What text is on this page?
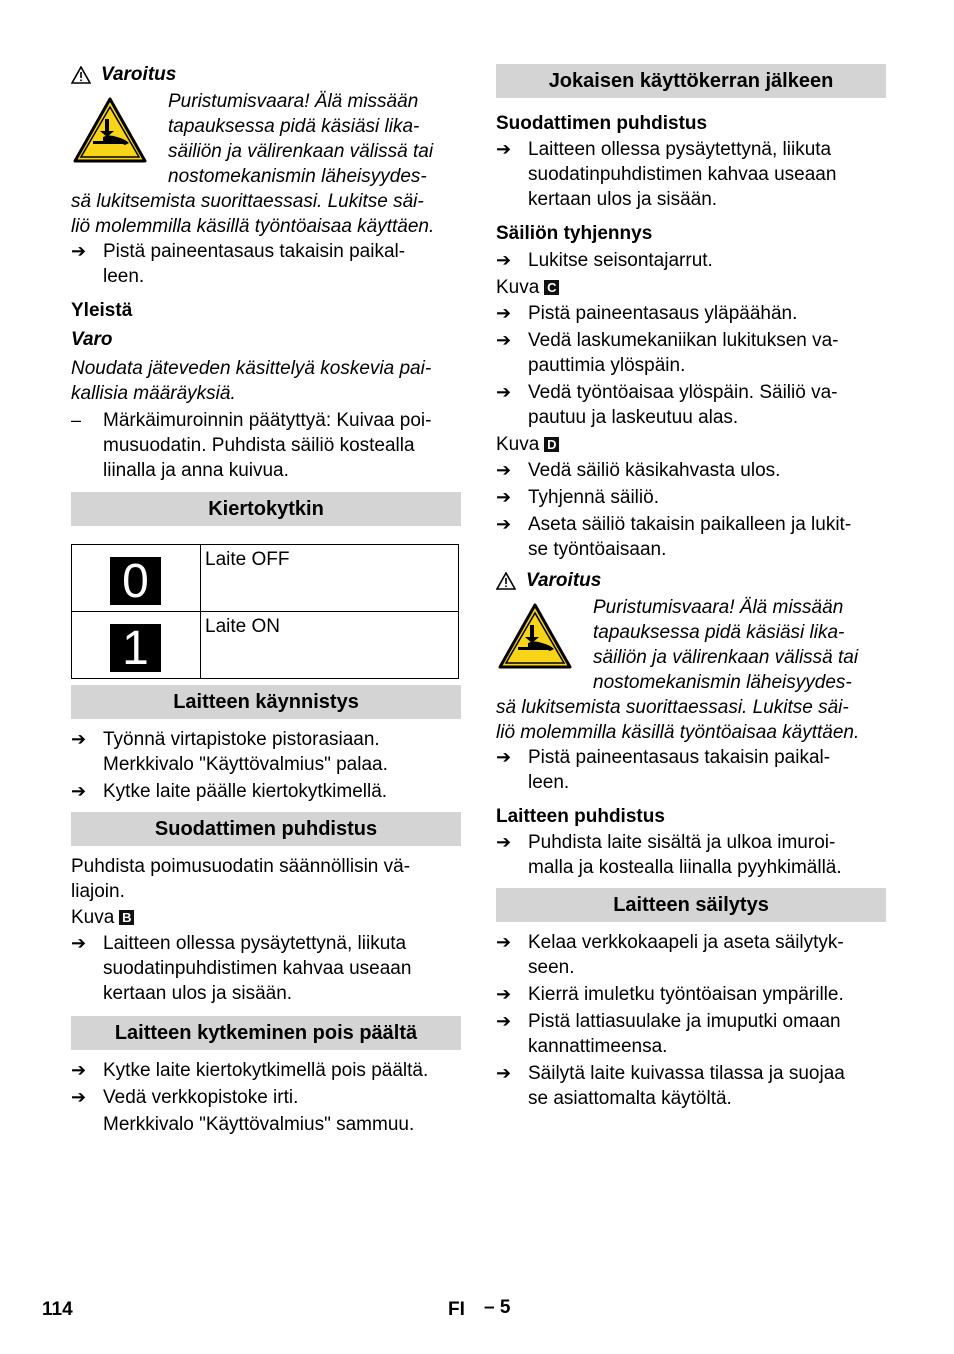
Varoitus
Puristumisvaara! Älä missään
tapauksessa pidä käsiäsi lika-
säiliön ja välirenkaan välissä tai
nostomekanismin läheisyydes-
sä lukitsemista suorittaessasi. Lukitse säi-
liö molemmilla käsillä työntöaisaa käyttäen.
➔ Pistä paineentasaus takaisin paikal-
leen.
Yleistä
Varo
Noudata jäteveden käsittelyä koskevia pai-
kallisia määräyksiä.
–	Märkäimuroinnin päätyttyä: Kuivaa poi-
musuodatin. Puhdista säiliö kostealla
liinalla ja anna kuivua.
Kiertokytkin
0	Laite OFF

1	Laite ON
Laitteen käynnistys
➔ Työnnä virtapistoke pistorasiaan.
Merkkivalo "Käyttövalmius" palaa.
➔ Kytke laite päälle kiertokytkimellä.
Suodattimen puhdistus
Puhdista poimusuodatin säännöllisin vä-
liajoin.
Kuva B
➔ Laitteen ollessa pysäytettynä, liikuta
suodatinpuhdistimen kahvaa useaan
kertaan ulos ja sisään.
Laitteen kytkeminen pois päältä
➔ Kytke laite kiertokytkimellä pois päältä.
➔ Vedä verkkopistoke irti.
Merkkivalo "Käyttövalmius" sammuu.
Jokaisen käyttökerran jälkeen
Suodattimen puhdistus
➔ Laitteen ollessa pysäytettynä, liikuta
suodatinpuhdistimen kahvaa useaan
kertaan ulos ja sisään.
Säiliön tyhjennys
➔ Lukitse seisontajarrut.
Kuva C
➔ Pistä paineentasaus yläpäähän.
➔ Vedä laskumekaniikan lukituksen va-
pauttimia ylöspäin.
➔ Vedä työntöaisaa ylöspäin. Säiliö va-
pautuu ja laskeutuu alas.
Kuva D
➔ Vedä säiliö käsikahvasta ulos.
➔ Tyhjennä säiliö.
➔ Aseta säiliö takaisin paikalleen ja lukit-
se työntöaisaan.
Varoitus
Puristumisvaara! Älä missään
tapauksessa pidä käsiäsi lika-
säiliön ja välirenkaan välissä tai
nostomekanismin läheisyydes-
sä lukitsemista suorittaessasi. Lukitse säi-
liö molemmilla käsillä työntöaisaa käyttäen.
➔ Pistä paineentasaus takaisin paikal-
leen.
Laitteen puhdistus
➔ Puhdista laite sisältä ja ulkoa imuroi-
malla ja kostealla liinalla pyyhkimällä.
Laitteen säilytys
➔ Kelaa verkkokaapeli ja aseta säilytyk-
seen.
➔ Kierrä imuletku työntöaisan ympärille.
➔ Pistä lattiasuulake ja imuputki omaan
kannattimeensa.
➔ Säilytä laite kuivassa tilassa ja suojaa
se asiattomalta käytöltä.
114	FI – 5
